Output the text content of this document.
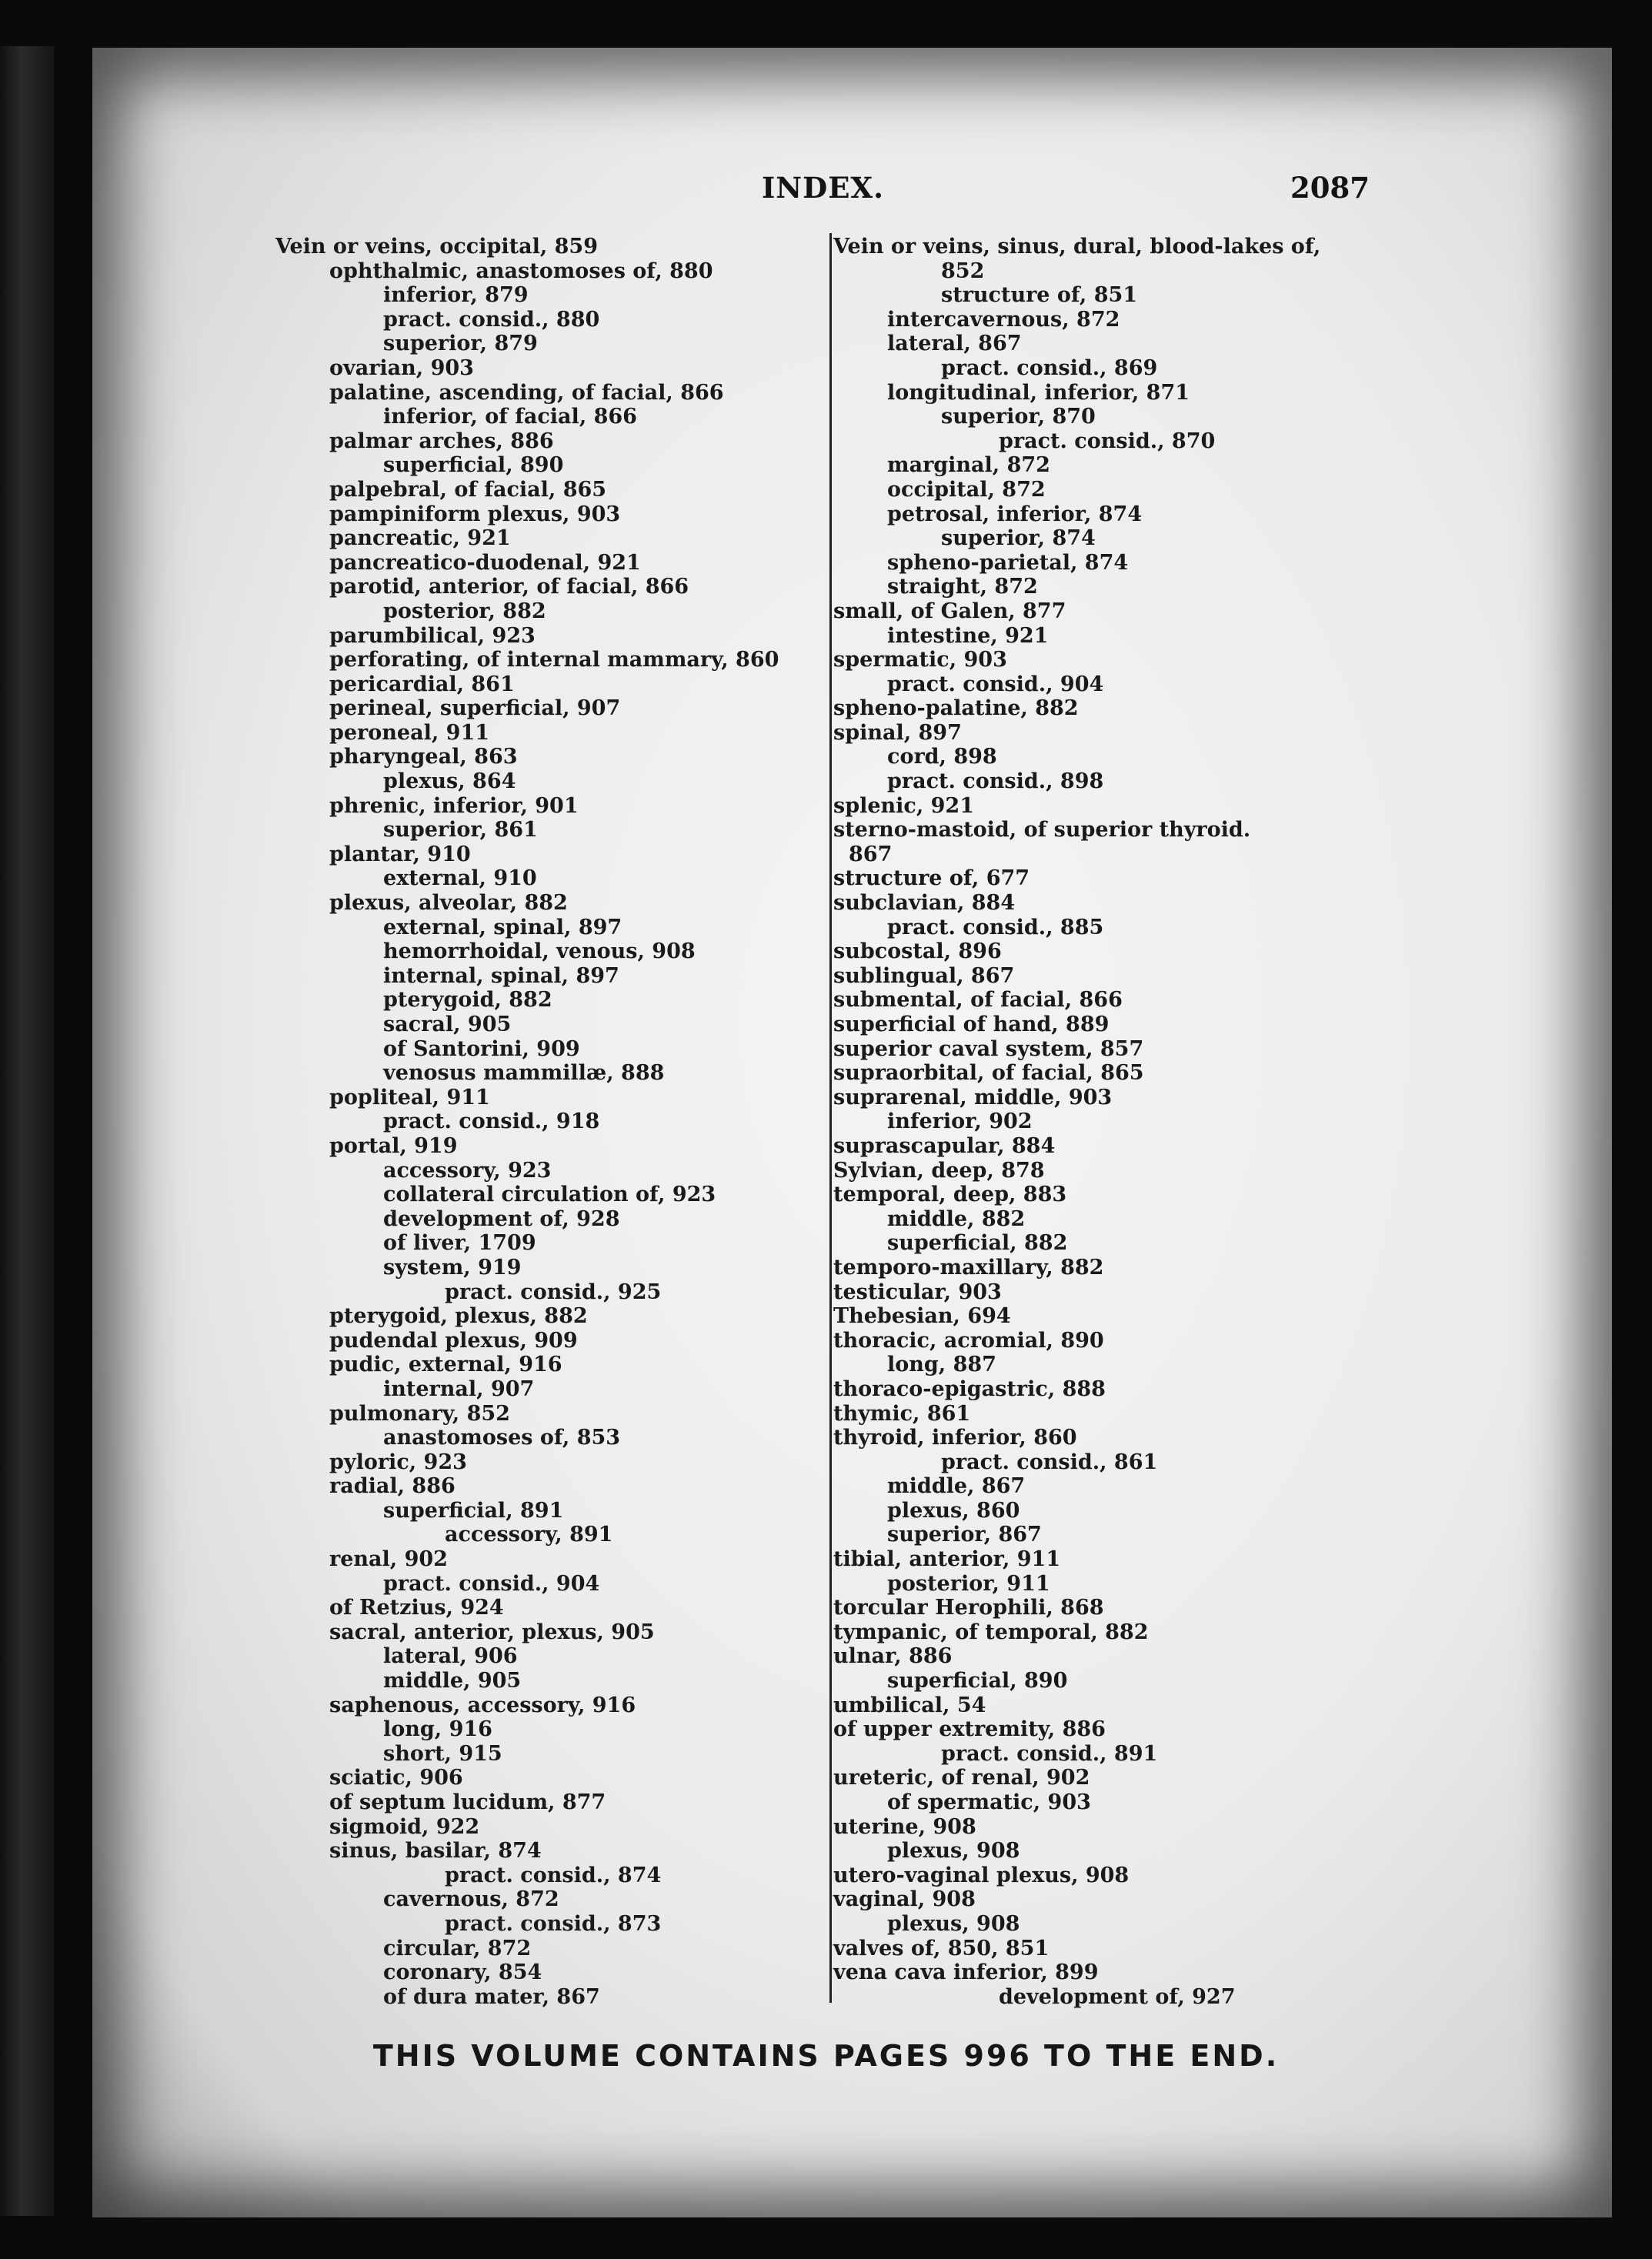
INDEX.	2087
Vein or veins, occipital, 859
ophthalmic, anastomoses of, 880
inferior, 879
pract. consid., 880
superior, 879
ovarian, 903
palatine, ascending, of facial, 866
inferior, of facial, 866
palmar arches, 886
superficial, 890
palpebral, of facial, 865
pampiniform plexus, 903
pancreatic, 921
pancreatico-duodenal, 921
parotid, anterior, of facial, 866
posterior, 882
parumbilical, 923
perforating, of internal mammary, 860
pericardial, 861
perineal, superficial, 907
peroneal, 911
pharyngeal, 863
plexus, 864
phrenic, inferior, 901
superior, 861
plantar, 910
external, 910
plexus, alveolar, 882
external, spinal, 897
hemorrhoidal, venous, 908
internal, spinal, 897
pterygoid, 882
sacral, 905
of Santorini, 909
venosus mammillæ, 888
popliteal, 911
pract. consid., 918
portal, 919
accessory, 923
collateral circulation of, 923
development of, 928
of liver, 1709
system, 919
pract. consid., 925
pterygoid, plexus, 882
pudendal plexus, 909
pudic, external, 916
internal, 907
pulmonary, 852
anastomoses of, 853
pyloric, 923
radial, 886
superficial, 891
accessory, 891
renal, 902
pract. consid., 904
of Retzius, 924
sacral, anterior, plexus, 905
lateral, 906
middle, 905
saphenous, accessory, 916
long, 916
short, 915
sciatic, 906
of septum lucidum, 877
sigmoid, 922
sinus, basilar, 874
pract. consid., 874
cavernous, 872
pract. consid., 873
circular, 872
coronary, 854
of dura mater, 867
Vein or veins, sinus, dural, blood-lakes of,
852
structure of, 851
intercavernous, 872
lateral, 867
pract. consid., 869
longitudinal, inferior, 871
superior, 870
pract. consid., 870
marginal, 872
occipital, 872
petrosal, inferior, 874
superior, 874
spheno-parietal, 874
straight, 872
small, of Galen, 877
intestine, 921
spermatic, 903
pract. consid., 904
spheno-palatine, 882
spinal, 897
cord, 898
pract. consid., 898
splenic, 921
sterno-mastoid, of superior thyroid.
867
structure of, 677
subclavian, 884
pract. consid., 885
subcostal, 896
sublingual, 867
submental, of facial, 866
superficial of hand, 889
superior caval system, 857
supraorbital, of facial, 865
suprarenal, middle, 903
inferior, 902
suprascapular, 884
Sylvian, deep, 878
temporal, deep, 883
middle, 882
superficial, 882
temporo-maxillary, 882
testicular, 903
Thebesian, 694
thoracic, acromial, 890
long, 887
thoraco-epigastric, 888
thymic, 861
thyroid, inferior, 860
pract. consid., 861
middle, 867
plexus, 860
superior, 867
tibial, anterior, 911
posterior, 911
torcular Herophili, 868
tympanic, of temporal, 882
ulnar, 886
superficial, 890
umbilical, 54
of upper extremity, 886
pract. consid., 891
ureteric, of renal, 902
of spermatic, 903
uterine, 908
plexus, 908
utero-vaginal plexus, 908
vaginal, 908
plexus, 908
valves of, 850, 851
vena cava inferior, 899
development of, 927
THIS VOLUME CONTAINS PAGES 996 TO THE END.
